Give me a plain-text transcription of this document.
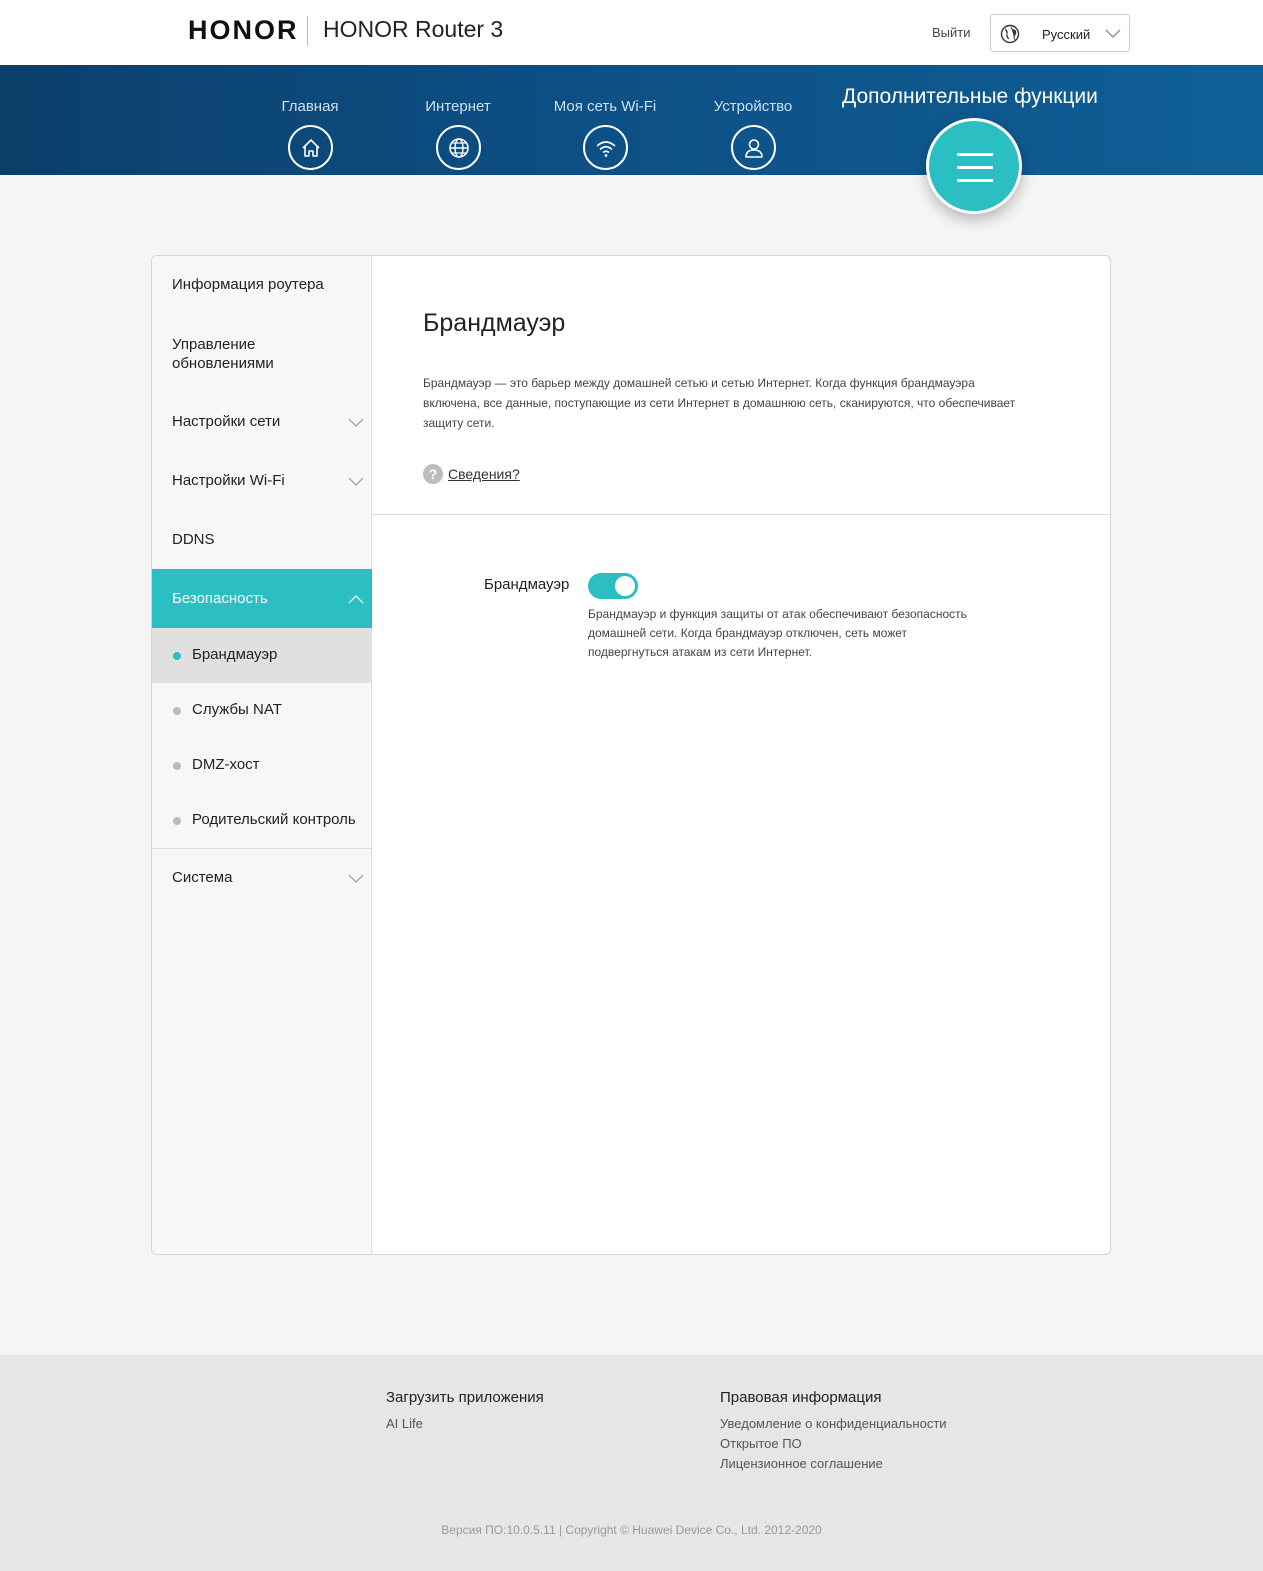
HONOR HONOR Router 3	Выйти	Русский
Главная	Интернет	Моя сеть Wi-Fi	Устройство	Дополнительные функции
Информация роутера
Управление обновлениями
Настройки сети
Настройки Wi-Fi
DDNS
Безопасность
Брандмауэр
Службы NAT
DMZ-хост
Родительский контроль
Система
Брандмауэр
Брандмауэр — это барьер между домашней сетью и сетью Интернет. Когда функция брандмауэра включена, все данные, поступающие из сети Интернет в домашнюю сеть, сканируются, что обеспечивает защиту сети.
? Сведения?
Брандмауэр
Брандмауэр и функция защиты от атак обеспечивают безопасность домашней сети. Когда брандмауэр отключен, сеть может подвергнуться атакам из сети Интернет.
Загрузить приложения
AI Life
Правовая информация
Уведомление о конфиденциальности
Открытое ПО
Лицензионное соглашение
Версия ПО:10.0.5.11 | Copyright © Huawei Device Co., Ltd. 2012-2020
